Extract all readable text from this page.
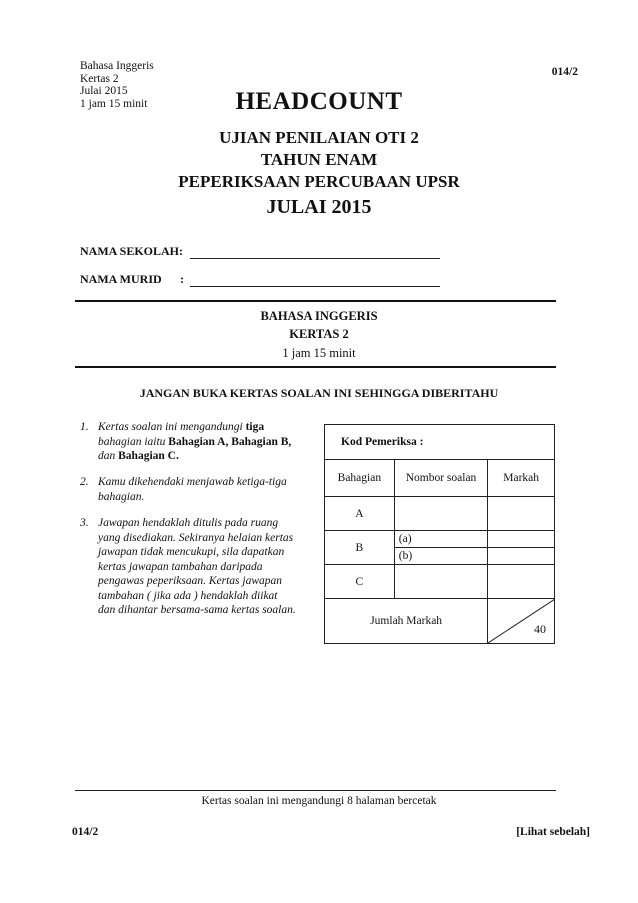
Bahasa Inggeris
Kertas 2
Julai 2015
1 jam 15 minit
014/2
HEADCOUNT
UJIAN PENILAIAN OTI 2
TAHUN ENAM
PEPERIKSAAN PERCUBAAN UPSR
JULAI 2015
NAMA SEKOLAH:
NAMA MURID :
BAHASA INGGERIS
KERTAS 2
1 jam 15 minit
JANGAN BUKA KERTAS SOALAN INI SEHINGGA DIBERITAHU
1. Kertas soalan ini mengandungi tiga
bahagian iaitu Bahagian A, Bahagian B,
dan Bahagian C.
2. Kamu dikehendaki menjawab ketiga-tiga
bahagian.
3. Jawapan hendaklah ditulis pada ruang
yang disediakan. Sekiranya helaian kertas
jawapan tidak mencukupi, sila dapatkan
kertas jawapan tambahan daripada
pengawas peperiksaan. Kertas jawapan
tambahan ( jika ada ) hendaklah diikat
dan dihantar bersama-sama kertas soalan.
Kod Pemeriksa :		
Bahagian	Nombor soalan	Markah
A		
B	(a)
(b)	

C		
Jumlah Markah		40
Kertas soalan ini mengandungi 8 halaman bercetak
014/2	[Lihat sebelah]
